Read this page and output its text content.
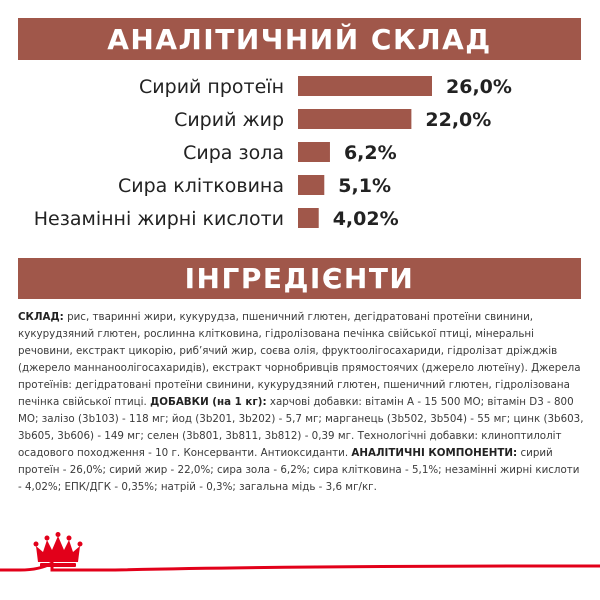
АНАЛІТИЧНИЙ СКЛАД
Сирий протеїн	26,0%
Сирий жир	22,0%
Сира зола	6,2%
Сира клітковина	5,1%
Незамінні жирні кислоти	4,02%
ІНГРЕДІЄНТИ

СКЛАД: рис, тваринні жири, кукурудза, пшеничний глютен, дегідратовані протеїни свинини, кукурудзяний глютен, рослинна клітковина, гідролізована печінка свійської птиці, мінеральні речовини, екстракт цикорію, риб’ячий жир, соєва олія, фруктоолігосахариди, гідролізат дріжджів (джерело маннаноолігосахаридів), екстракт чорнобривців прямостоячих (джерело лютеїну). Джерела протеїнів: дегідратовані протеїни свинини, кукурудзяний глютен, пшеничний глютен, гідролізована печінка свійської птиці. ДОБАВКИ (на 1 кг): харчові добавки: вітамін A - 15 500 МО; вітамін D3 - 800 МО; залізо (3b103) - 118 мг; йод (3b201, 3b202) - 5,7 мг; марганець (3b502, 3b504) - 55 мг; цинк (3b603, 3b605, 3b606) - 149 мг; селен (3b801, 3b811, 3b812) - 0,39 мг. Технологічні добавки: клиноптилоліт осадового походження - 10 г. Консерванти. Антиоксиданти. АНАЛІТИЧНІ КОМПОНЕНТИ: сирий протеїн - 26,0%; сирий жир - 22,0%; сира зола - 6,2%; сира клітковина - 5,1%; незамінні жирні кислоти - 4,02%; ЕПК/ДГК - 0,35%; натрій - 0,3%; загальна мідь - 3,6 мг/кг.
